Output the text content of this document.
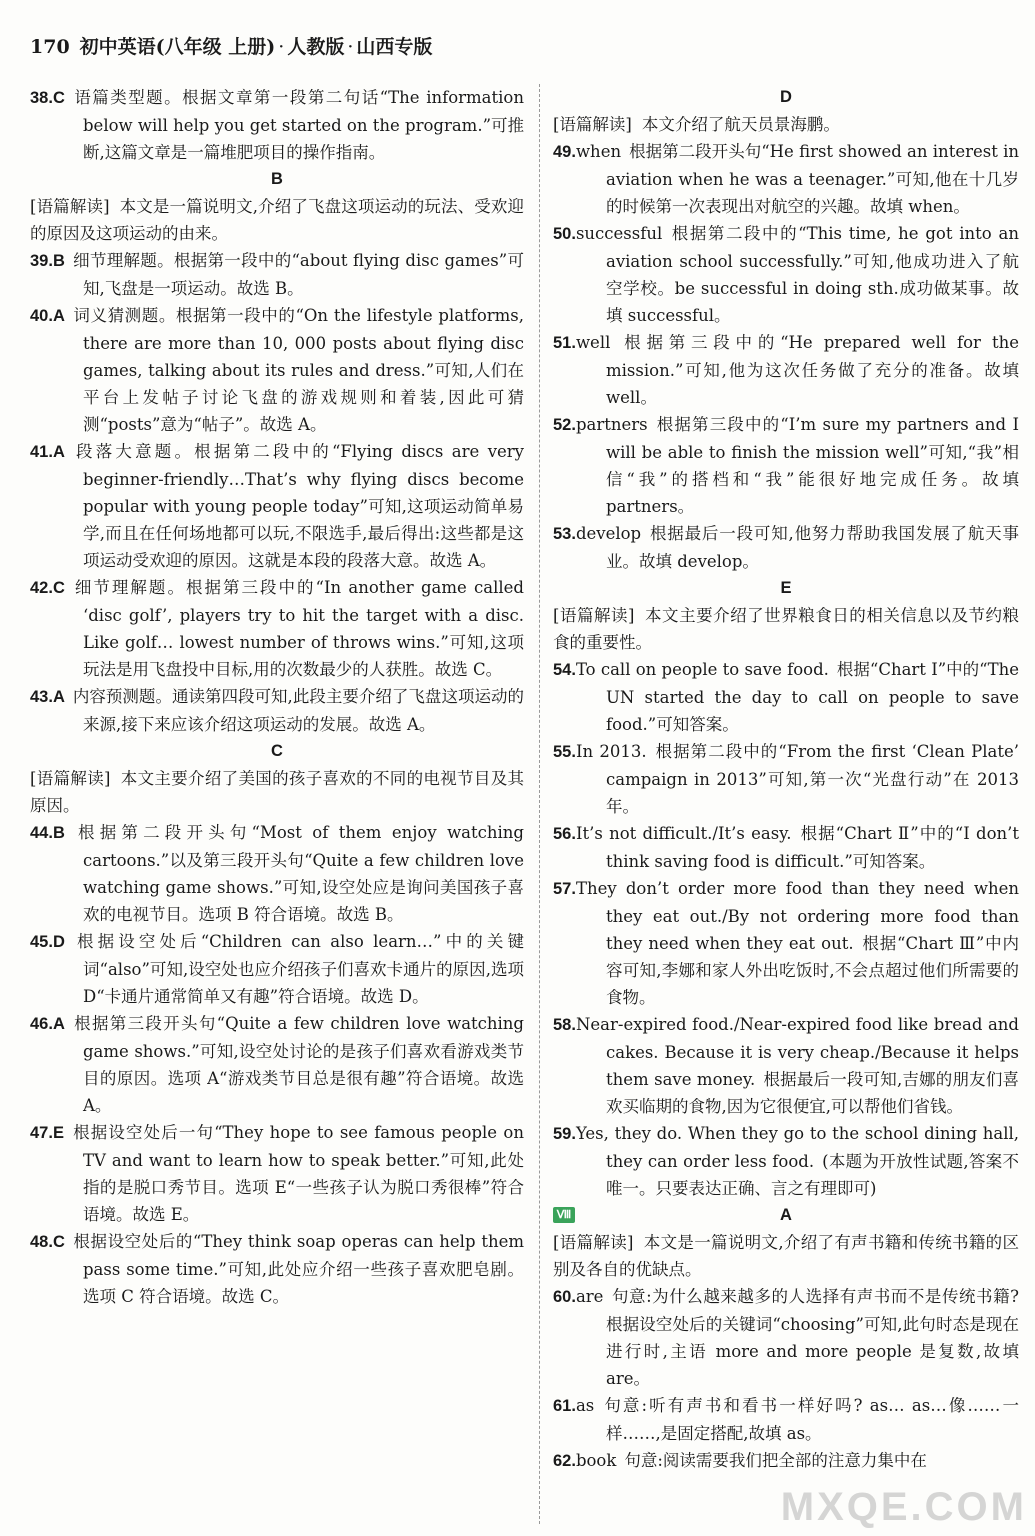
170 初中英语(八年级 上册) · 人教版 · 山西专版
38.C 语篇类型题。根据文章第一段第二句话“The information below will help you get started on the program.”可推断,这篇文章是一篇堆肥项目的操作指南。
B
[语篇解读] 本文是一篇说明文,介绍了飞盘这项运动的玩法、受欢迎的原因及这项运动的由来。
39.B 细节理解题。根据第一段中的“about flying disc games”可知,飞盘是一项运动。故选 B。
40.A 词义猜测题。根据第一段中的“On the lifestyle platforms, there are more than 10, 000 posts about flying disc games, talking about its rules and dress.”可知,人们在平台上发帖子讨论飞盘的游戏规则和着装,因此可猜测“posts”意为“帖子”。故选 A。
41.A 段落大意题。根据第二段中的“Flying discs are very beginner-friendly…That’s why flying discs become popular with young people today”可知,这项运动简单易学,而且在任何场地都可以玩,不限选手,最后得出:这些都是这项运动受欢迎的原因。这就是本段的段落大意。故选 A。
42.C 细节理解题。根据第三段中的“In another game called ‘disc golf’, players try to hit the target with a disc. Like golf… lowest number of throws wins.”可知,这项玩法是用飞盘投中目标,用的次数最少的人获胜。故选 C。
43.A 内容预测题。通读第四段可知,此段主要介绍了飞盘这项运动的来源,接下来应该介绍这项运动的发展。故选 A。
C
[语篇解读] 本文主要介绍了美国的孩子喜欢的不同的电视节目及其原因。
44.B 根据第二段开头句“Most of them enjoy watching cartoons.”以及第三段开头句“Quite a few children love watching game shows.”可知,设空处应是询问美国孩子喜欢的电视节目。选项 B 符合语境。故选 B。
45.D 根据设空处后“Children can also learn…”中的关键词“also”可知,设空处也应介绍孩子们喜欢卡通片的原因,选项 D“卡通片通常简单又有趣”符合语境。故选 D。
46.A 根据第三段开头句“Quite a few children love watching game shows.”可知,设空处讨论的是孩子们喜欢看游戏类节目的原因。选项 A“游戏类节目总是很有趣”符合语境。故选 A。
47.E 根据设空处后一句“They hope to see famous people on TV and want to learn how to speak better.”可知,此处指的是脱口秀节目。选项 E“一些孩子认为脱口秀很棒”符合语境。故选 E。
48.C 根据设空处后的“They think soap operas can help them pass some time.”可知,此处应介绍一些孩子喜欢肥皂剧。选项 C 符合语境。故选 C。
D
[语篇解读] 本文介绍了航天员景海鹏。
49.when 根据第二段开头句“He first showed an interest in aviation when he was a teenager.”可知,他在十几岁的时候第一次表现出对航空的兴趣。故填 when。
50.successful 根据第二段中的“This time, he got into an aviation school successfully.”可知,他成功进入了航空学校。be successful in doing sth.成功做某事。故填 successful。
51.well 根据第三段中的“He prepared well for the mission.”可知,他为这次任务做了充分的准备。故填 well。
52.partners 根据第三段中的“I’m sure my partners and I will be able to finish the mission well”可知,“我”相信“我”的搭档和“我”能很好地完成任务。故填 partners。
53.develop 根据最后一段可知,他努力帮助我国发展了航天事业。故填 develop。
E
[语篇解读] 本文主要介绍了世界粮食日的相关信息以及节约粮食的重要性。
54.To call on people to save food. 根据“Chart Ⅰ”中的“The UN started the day to call on people to save food.”可知答案。
55.In 2013. 根据第二段中的“From the first ‘Clean Plate’ campaign in 2013”可知,第一次“光盘行动”在 2013 年。
56.It’s not difficult./It’s easy. 根据“Chart Ⅱ”中的“I don’t think saving food is difficult.”可知答案。
57.They don’t order more food than they need when they eat out./By not ordering more food than they need when they eat out. 根据“Chart Ⅲ”中内容可知,李娜和家人外出吃饭时,不会点超过他们所需要的食物。
58.Near-expired food./Near-expired food like bread and cakes. Because it is very cheap./Because it helps them save money. 根据最后一段可知,吉娜的朋友们喜欢买临期的食物,因为它很便宜,可以帮他们省钱。
59.Yes, they do. When they go to the school dining hall, they can order less food. (本题为开放性试题,答案不唯一。只要表达正确、言之有理即可)
Ⅷ	A
[语篇解读] 本文是一篇说明文,介绍了有声书籍和传统书籍的区别及各自的优缺点。
60.are 句意:为什么越来越多的人选择有声书而不是传统书籍?根据设空处后的关键词“choosing”可知,此句时态是现在进行时,主语 more and more people 是复数,故填 are。
61.as 句意:听有声书和看书一样好吗? as… as…像……一样……,是固定搭配,故填 as。
62.book 句意:阅读需要我们把全部的注意力集中在
MXQE.COM
